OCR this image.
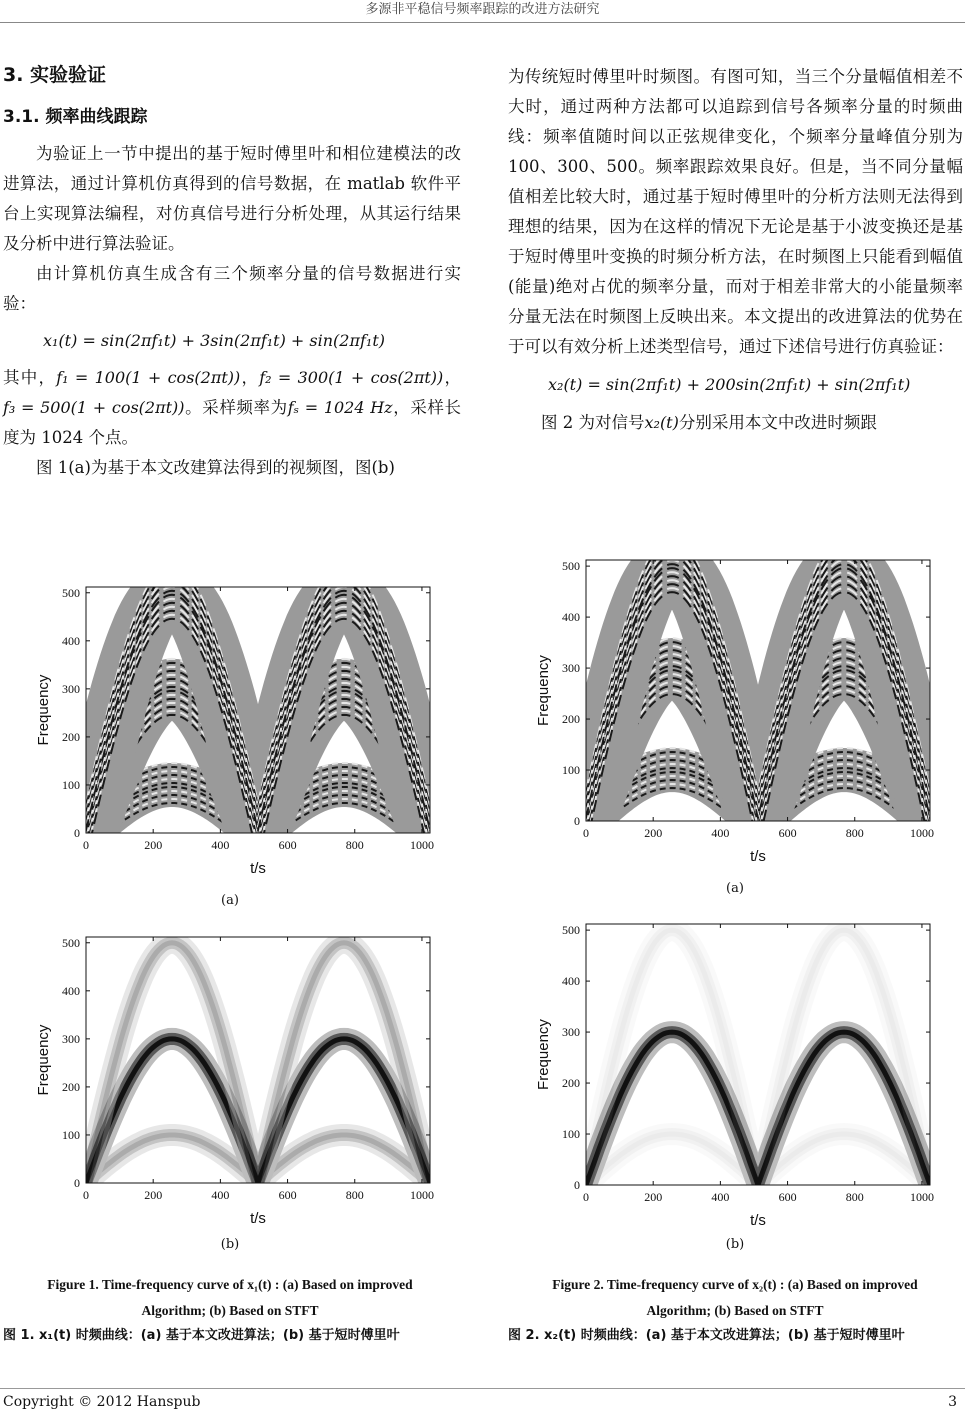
多源非平稳信号频率跟踪的改进方法研究
3. 实验验证
3.1. 频率曲线跟踪

为验证上一节中提出的基于短时傅里叶和相位建模法的改进算法，通过计算机仿真得到的信号数据，在 matlab 软件平台上实现算法编程，对仿真信号进行分析处理，从其运行结果及分析中进行算法验证。

由计算机仿真生成含有三个频率分量的信号数据进行实验：

x₁(t) = sin(2πf₁t) + 3sin(2πf₁t) + sin(2πf₁t)

其中，f₁ = 100(1 + cos(2πt))，f₂ = 300(1 + cos(2πt))，f₃ = 500(1 + cos(2πt))。采样频率为fₛ = 1024 Hz，采样长度为 1024 个点。

图 1(a)为基于本文改建算法得到的视频图，图(b)

为传统短时傅里叶时频图。有图可知，当三个分量幅值相差不大时，通过两种方法都可以追踪到信号各频率分量的时频曲线：频率值随时间以正弦规律变化，个频率分量峰值分别为 100、300、500。频率跟踪效果良好。但是，当不同分量幅值相差比较大时，通过基于短时傅里叶的分析方法则无法得到理想的结果，因为在这样的情况下无论是基于小波变换还是基于短时傅里叶变换的时频分析方法，在时频图上只能看到幅值(能量)绝对占优的频率分量，而对于相差非常大的小能量频率分量无法在时频图上反映出来。本文提出的改进算法的优势在于可以有效分析上述类型信号，通过下述信号进行仿真验证：

x₂(t) = sin(2πf₁t) + 200sin(2πf₁t) + sin(2πf₁t)

图 2 为对信号x₂(t)分别采用本文中改进时频跟

0	200	400	600	800	1000
0
100
200
300
400
500
t/s
Frequency
(a)
0	200	400	600	800	1000
0
100
200
300
400
500
t/s
Frequency
(b)
0	200	400	600	800	1000
0
100
200
300
400
500
t/s
Frequency
(a)
0	200	400	600	800	1000
0
100
200
300
400
500
t/s
Frequency
(b)
Figure 1. Time-frequency curve of x₁(t) : (a) Based on improved
Algorithm; (b) Based on STFT
图 1. x₁(t) 时频曲线：(a) 基于本文改进算法；(b) 基于短时傅里叶
Figure 2. Time-frequency curve of x₂(t) : (a) Based on improved
Algorithm; (b) Based on STFT
图 2. x₂(t) 时频曲线：(a) 基于本文改进算法；(b) 基于短时傅里叶
Copyright © 2012 Hanspub	3
